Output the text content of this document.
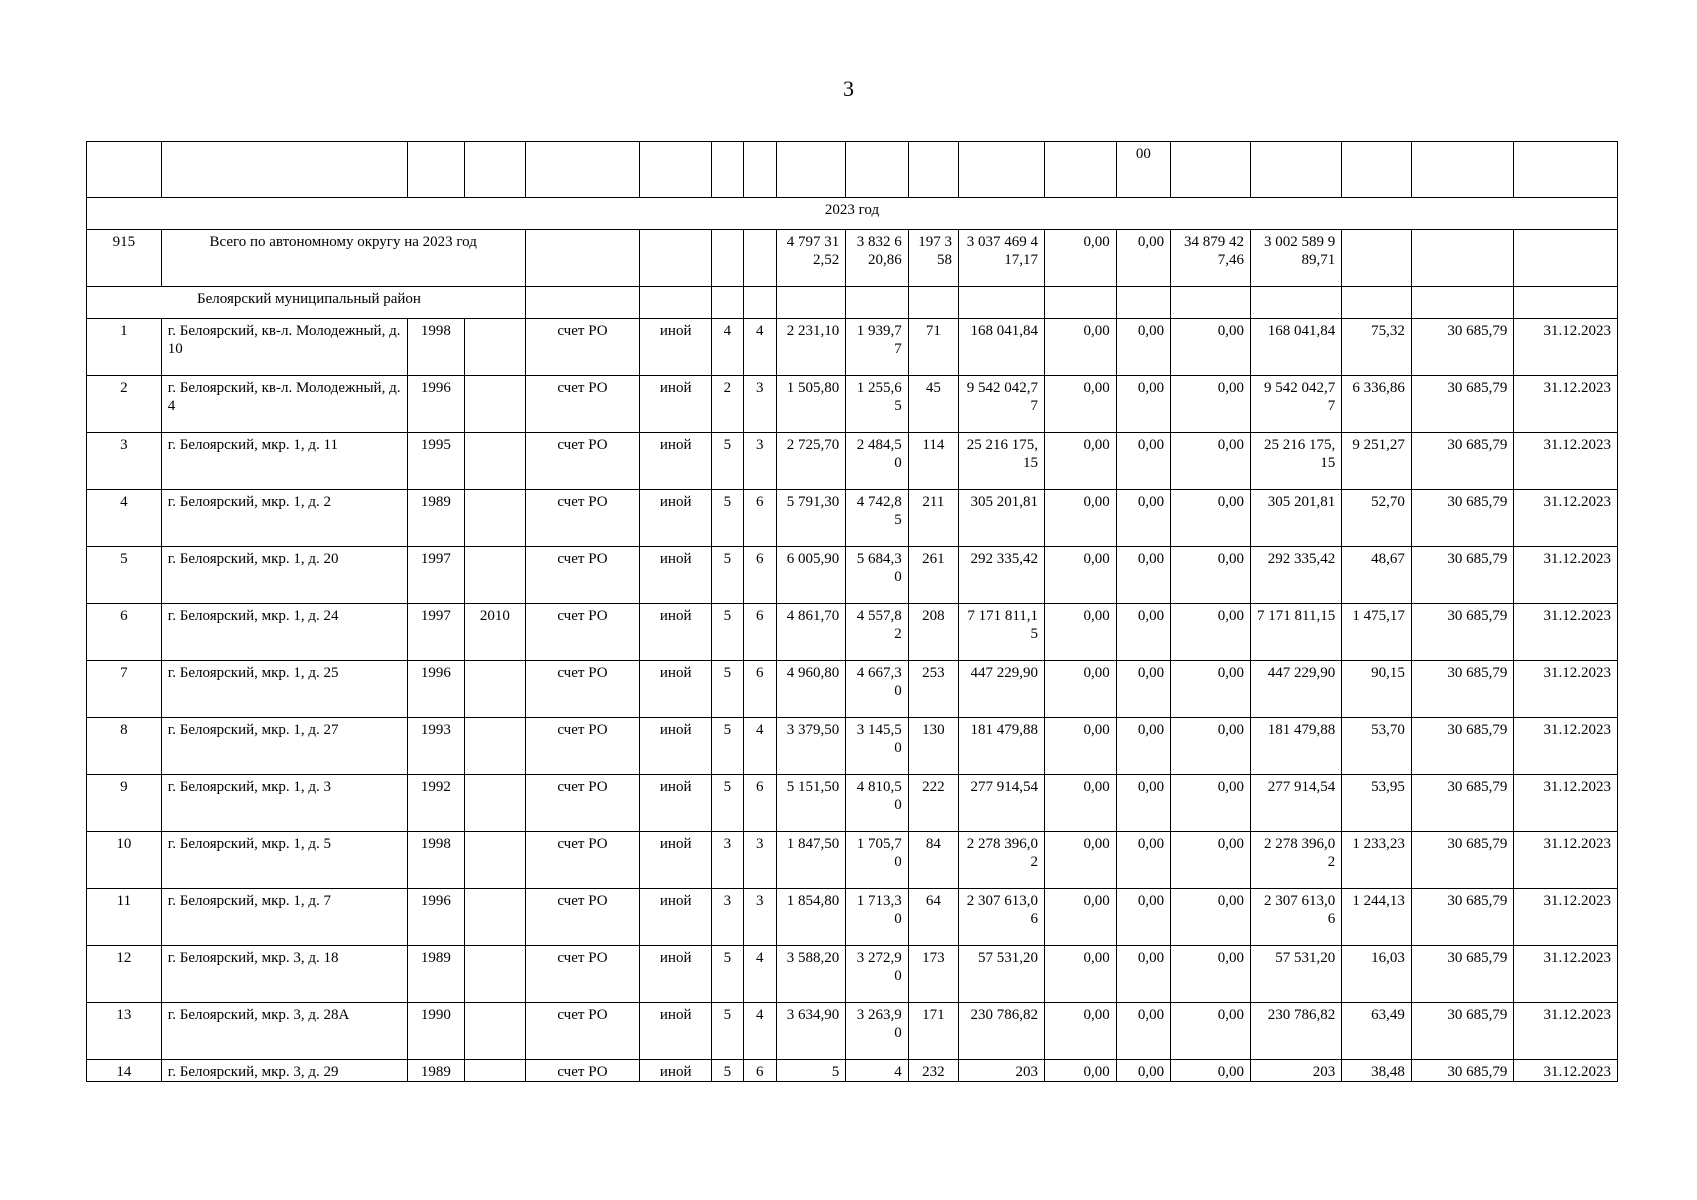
3
													00					
2023 год																		
915	Всего по автономному округу на 2023 год							4 797 312,52	3 832 620,86	197 358	3 037 469 417,17	0,00	0,00	34 879 427,46	3 002 589 989,71			
Белоярский муниципальный район																		
1	г. Белоярский, кв-л. Молодежный, д. 10	1998		счет РО	иной	4	4	2 231,10	1 939,77	71	168 041,84	0,00	0,00	0,00	168 041,84	75,32	30 685,79	31.12.2023
2	г. Белоярский, кв-л. Молодежный, д. 4	1996		счет РО	иной	2	3	1 505,80	1 255,65	45	9 542 042,77	0,00	0,00	0,00	9 542 042,77	6 336,86	30 685,79	31.12.2023
3	г. Белоярский, мкр. 1, д. 11	1995		счет РО	иной	5	3	2 725,70	2 484,50	114	25 216 175,15	0,00	0,00	0,00	25 216 175,15	9 251,27	30 685,79	31.12.2023
4	г. Белоярский, мкр. 1, д. 2	1989		счет РО	иной	5	6	5 791,30	4 742,85	211	305 201,81	0,00	0,00	0,00	305 201,81	52,70	30 685,79	31.12.2023
5	г. Белоярский, мкр. 1, д. 20	1997		счет РО	иной	5	6	6 005,90	5 684,30	261	292 335,42	0,00	0,00	0,00	292 335,42	48,67	30 685,79	31.12.2023
6	г. Белоярский, мкр. 1, д. 24	1997	2010	счет РО	иной	5	6	4 861,70	4 557,82	208	7 171 811,15	0,00	0,00	0,00	7 171 811,15	1 475,17	30 685,79	31.12.2023
7	г. Белоярский, мкр. 1, д. 25	1996		счет РО	иной	5	6	4 960,80	4 667,30	253	447 229,90	0,00	0,00	0,00	447 229,90	90,15	30 685,79	31.12.2023
8	г. Белоярский, мкр. 1, д. 27	1993		счет РО	иной	5	4	3 379,50	3 145,50	130	181 479,88	0,00	0,00	0,00	181 479,88	53,70	30 685,79	31.12.2023
9	г. Белоярский, мкр. 1, д. 3	1992		счет РО	иной	5	6	5 151,50	4 810,50	222	277 914,54	0,00	0,00	0,00	277 914,54	53,95	30 685,79	31.12.2023
10	г. Белоярский, мкр. 1, д. 5	1998		счет РО	иной	3	3	1 847,50	1 705,70	84	2 278 396,02	0,00	0,00	0,00	2 278 396,02	1 233,23	30 685,79	31.12.2023
11	г. Белоярский, мкр. 1, д. 7	1996		счет РО	иной	3	3	1 854,80	1 713,30	64	2 307 613,06	0,00	0,00	0,00	2 307 613,06	1 244,13	30 685,79	31.12.2023
12	г. Белоярский, мкр. 3, д. 18	1989		счет РО	иной	5	4	3 588,20	3 272,90	173	57 531,20	0,00	0,00	0,00	57 531,20	16,03	30 685,79	31.12.2023
13	г. Белоярский, мкр. 3, д. 28А	1990		счет РО	иной	5	4	3 634,90	3 263,90	171	230 786,82	0,00	0,00	0,00	230 786,82	63,49	30 685,79	31.12.2023
14	г. Белоярский, мкр. 3, д. 29	1989		счет РО	иной	5	6	5	4	232	203	0,00	0,00	0,00	203	38,48	30 685,79	31.12.2023
